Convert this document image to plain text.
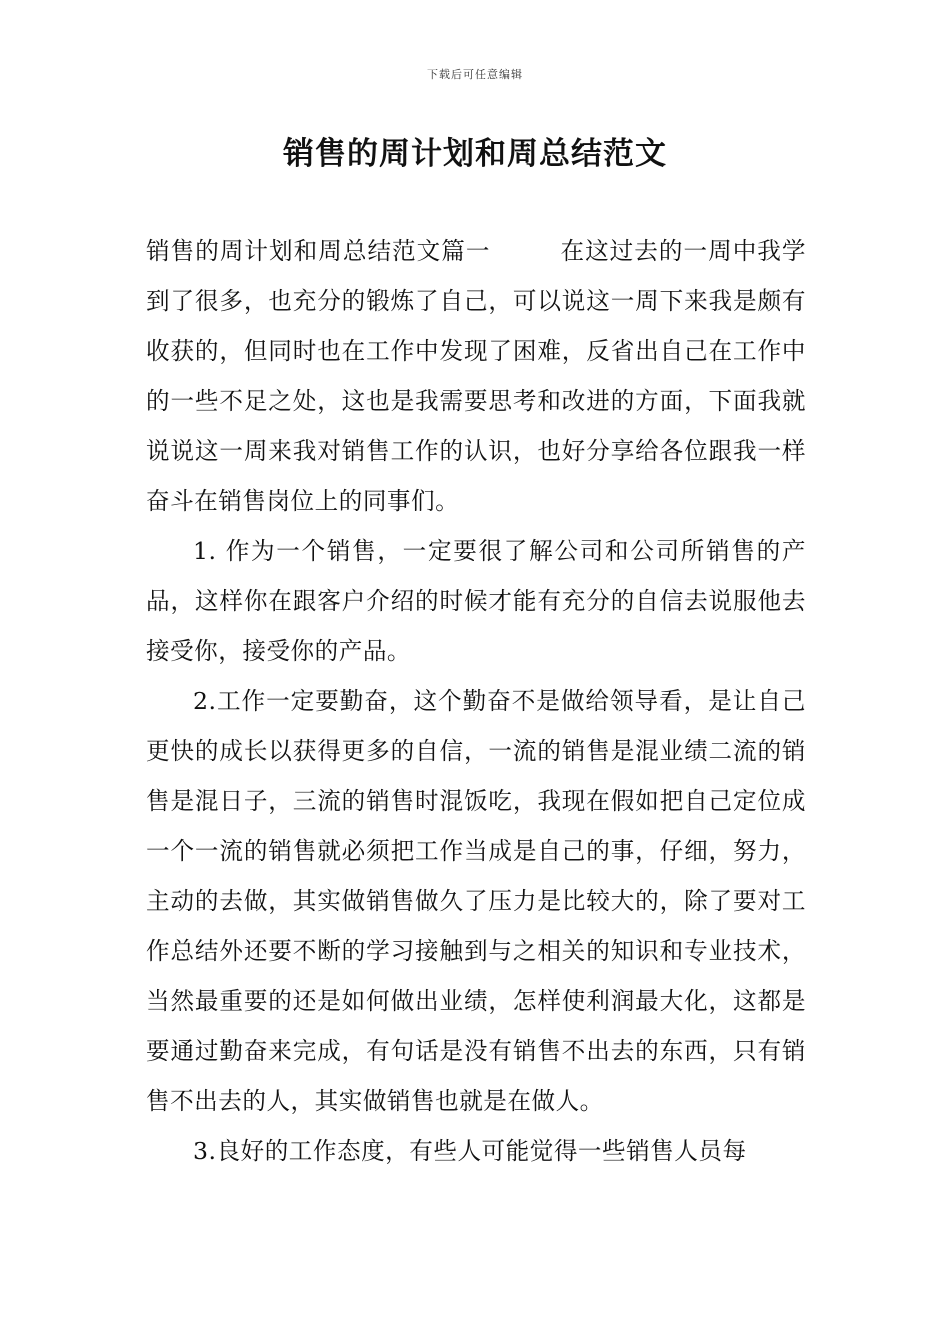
下载后可任意编辑
销售的周计划和周总结范文

销售的周计划和周总结范文篇一	在这过去的一周中我学到了很多，也充分的锻炼了自己，可以说这一周下来我是颇有收获的，但同时也在工作中发现了困难，反省出自己在工作中的一些不足之处，这也是我需要思考和改进的方面，下面我就说说这一周来我对销售工作的认识，也好分享给各位跟我一样奋斗在销售岗位上的同事们。

1. 作为一个销售，一定要很了解公司和公司所销售的产品，这样你在跟客户介绍的时候才能有充分的自信去说服他去接受你，接受你的产品。

2.工作一定要勤奋，这个勤奋不是做给领导看，是让自己更快的成长以获得更多的自信，一流的销售是混业绩二流的销售是混日子，三流的销售时混饭吃，我现在假如把自己定位成一个一流的销售就必须把工作当成是自己的事，仔细，努力，主动的去做，其实做销售做久了压力是比较大的，除了要对工作总结外还要不断的学习接触到与之相关的知识和专业技术，当然最重要的还是如何做出业绩，怎样使利润最大化，这都是要通过勤奋来完成，有句话是没有销售不出去的东西，只有销售不出去的人，其实做销售也就是在做人。

3.良好的工作态度，有些人可能觉得一些销售人员每
